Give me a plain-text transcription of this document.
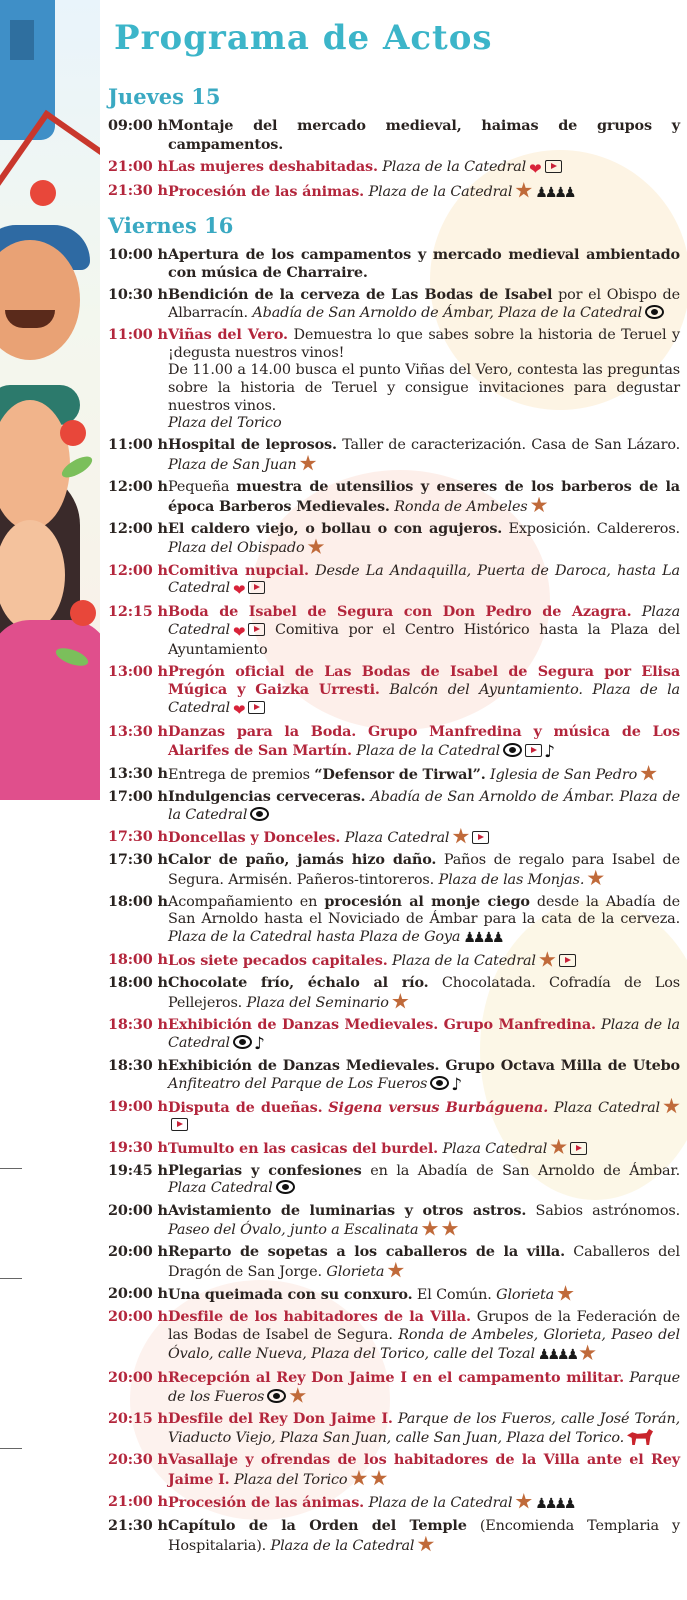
Programa de Actos
Jueves 15
09:00 h Montaje del mercado medieval, haimas de grupos y campamentos.
21:00 h Las mujeres deshabitadas. Plaza de la Catedral ❤
21:30 h Procesión de las ánimas. Plaza de la Catedral ♟♟♟♟
Viernes 16
10:00 h Apertura de los campamentos y mercado medieval ambientado con música de Charraire.
10:30 h Bendición de la cerveza de Las Bodas de Isabel por el Obispo de Albarracín. Abadía de San Arnoldo de Ámbar, Plaza de la Catedral
11:00 h Viñas del Vero. Demuestra lo que sabes sobre la historia de Teruel y ¡degusta nuestros vinos!
De 11.00 a 14.00 busca el punto Viñas del Vero, contesta las preguntas sobre la historia de Teruel y consigue invitaciones para degustar nuestros vinos.
Plaza del Torico
11:00 h Hospital de leprosos. Taller de caracterización. Casa de San Lázaro. Plaza de San Juan
12:00 h Pequeña muestra de utensilios y enseres de los barberos de la época Barberos Medievales. Ronda de Ambeles
12:00 h El caldero viejo, o bollau o con agujeros. Exposición. Caldereros. Plaza del Obispado
12:00 h Comitiva nupcial. Desde La Andaquilla, Puerta de Daroca, hasta La Catedral ❤
12:15 h Boda de Isabel de Segura con Don Pedro de Azagra. Plaza Catedral ❤ Comitiva por el Centro Histórico hasta la Plaza del Ayuntamiento
13:00 h Pregón oficial de Las Bodas de Isabel de Segura por Elisa Múgica y Gaizka Urresti. Balcón del Ayuntamiento. Plaza de la Catedral ❤
13:30 h Danzas para la Boda. Grupo Manfredina y música de Los Alarifes de San Martín. Plaza de la Catedral	♪
13:30 h Entrega de premios “Defensor de Tirwal”. Iglesia de San Pedro
17:00 h Indulgencias cerveceras. Abadía de San Arnoldo de Ámbar. Plaza de la Catedral
17:30 h Doncellas y Donceles. Plaza Catedral
17:30 h Calor de paño, jamás hizo daño. Paños de regalo para Isabel de Segura. Armisén. Pañeros-tintoreros. Plaza de las Monjas.
18:00 h Acompañamiento en procesión al monje ciego desde la Abadía de San Arnoldo hasta el Noviciado de Ámbar para la cata de la cerveza. Plaza de la Catedral hasta Plaza de Goya ♟♟♟♟
18:00 h Los siete pecados capitales. Plaza de la Catedral
18:00 h Chocolate frío, échalo al río. Chocolatada. Cofradía de Los Pellejeros. Plaza del Seminario
18:30 h Exhibición de Danzas Medievales. Grupo Manfredina. Plaza de la Catedral ♪
18:30 h Exhibición de Danzas Medievales. Grupo Octava Milla de Utebo Anfiteatro del Parque de Los Fueros ♪
19:00 h Disputa de dueñas. Sigena versus Burbáguena. Plaza Catedral
19:30 h Tumulto en las casicas del burdel. Plaza Catedral
19:45 h Plegarias y confesiones en la Abadía de San Arnoldo de Ámbar. Plaza Catedral
20:00 h Avistamiento de luminarias y otros astros. Sabios astrónomos. Paseo del Óvalo, junto a Escalinata
20:00 h Reparto de sopetas a los caballeros de la villa. Caballeros del Dragón de San Jorge. Glorieta
20:00 h Una queimada con su conxuro. El Común. Glorieta
20:00 h Desfile de los habitadores de la Villa. Grupos de la Federación de las Bodas de Isabel de Segura. Ronda de Ambeles, Glorieta, Paseo del Óvalo, calle Nueva, Plaza del Torico, calle del Tozal ♟♟♟♟
20:00 h Recepción al Rey Don Jaime I en el campamento militar. Parque de los Fueros
20:15 h Desfile del Rey Don Jaime I. Parque de los Fueros, calle José Torán, Viaducto Viejo, Plaza San Juan, calle San Juan, Plaza del Torico.
20:30 h Vasallaje y ofrendas de los habitadores de la Villa ante el Rey Jaime I. Plaza del Torico
21:00 h Procesión de las ánimas. Plaza de la Catedral ♟♟♟♟
21:30 h Capítulo de la Orden del Temple (Encomienda Templaria y Hospitalaria). Plaza de la Catedral
